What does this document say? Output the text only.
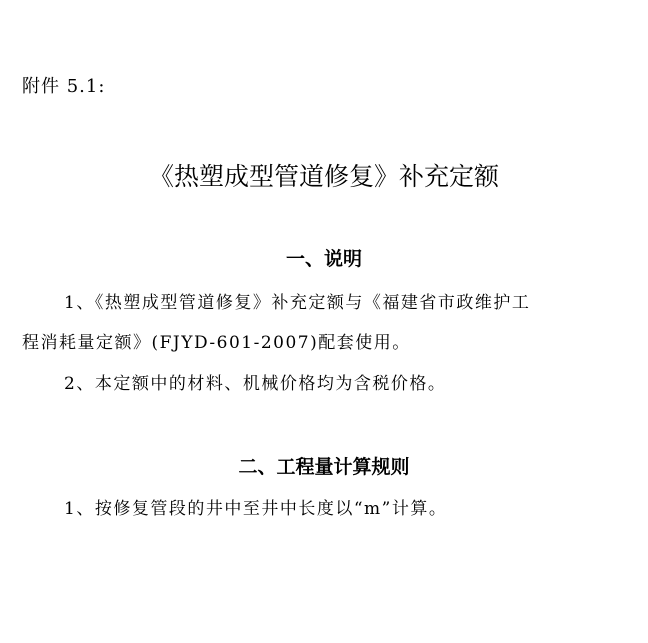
附件 5.1:
《热塑成型管道修复》补充定额
一、说明
1、《热塑成型管道修复》补充定额与《福建省市政维护工
程消耗量定额》(FJYD-601-2007)配套使用。
2、本定额中的材料、机械价格均为含税价格。
二、工程量计算规则
1、按修复管段的井中至井中长度以“m”计算。
